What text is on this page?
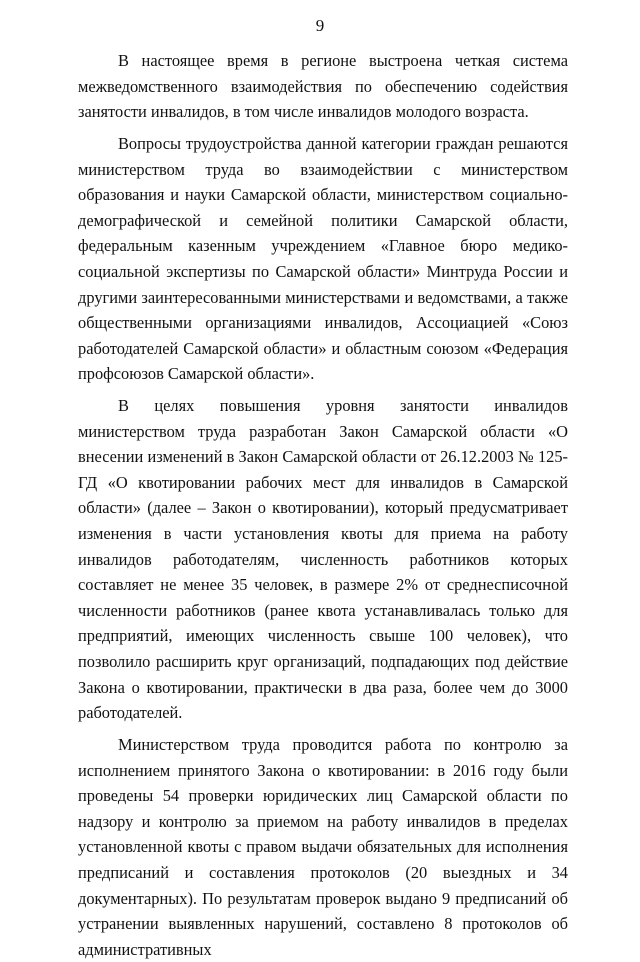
9

В настоящее время в регионе выстроена четкая система межведомственного взаимодействия по обеспечению содействия занятости инвалидов, в том числе инвалидов молодого возраста.

Вопросы трудоустройства данной категории граждан решаются министерством труда во взаимодействии с министерством образования и науки Самарской области, министерством социально-демографической и семейной политики Самарской области, федеральным казенным учреждением «Главное бюро медико-социальной экспертизы по Самарской области» Минтруда России и другими заинтересованными министерствами и ведомствами, а также общественными организациями инвалидов, Ассоциацией «Союз работодателей Самарской области» и областным союзом «Федерация профсоюзов Самарской области».

В целях повышения уровня занятости инвалидов министерством труда разработан Закон Самарской области «О внесении изменений в Закон Самарской области от 26.12.2003 № 125-ГД «О квотировании рабочих мест для инвалидов в Самарской области» (далее – Закон о квотировании), который предусматривает изменения в части установления квоты для приема на работу инвалидов работодателям, численность работников которых составляет не менее 35 человек, в размере 2% от среднесписочной численности работников (ранее квота устанавливалась только для предприятий, имеющих численность свыше 100 человек), что позволило расширить круг организаций, подпадающих под действие Закона о квотировании, практически в два раза, более чем до 3000 работодателей.

Министерством труда проводится работа по контролю за исполнением принятого Закона о квотировании: в 2016 году были проведены 54 проверки юридических лиц Самарской области по надзору и контролю за приемом на работу инвалидов в пределах установленной квоты с правом выдачи обязательных для исполнения предписаний и составления протоколов (20 выездных и 34 документарных). По результатам проверок выдано 9 предписаний об устранении выявленных нарушений, составлено 8 протоколов об административных
